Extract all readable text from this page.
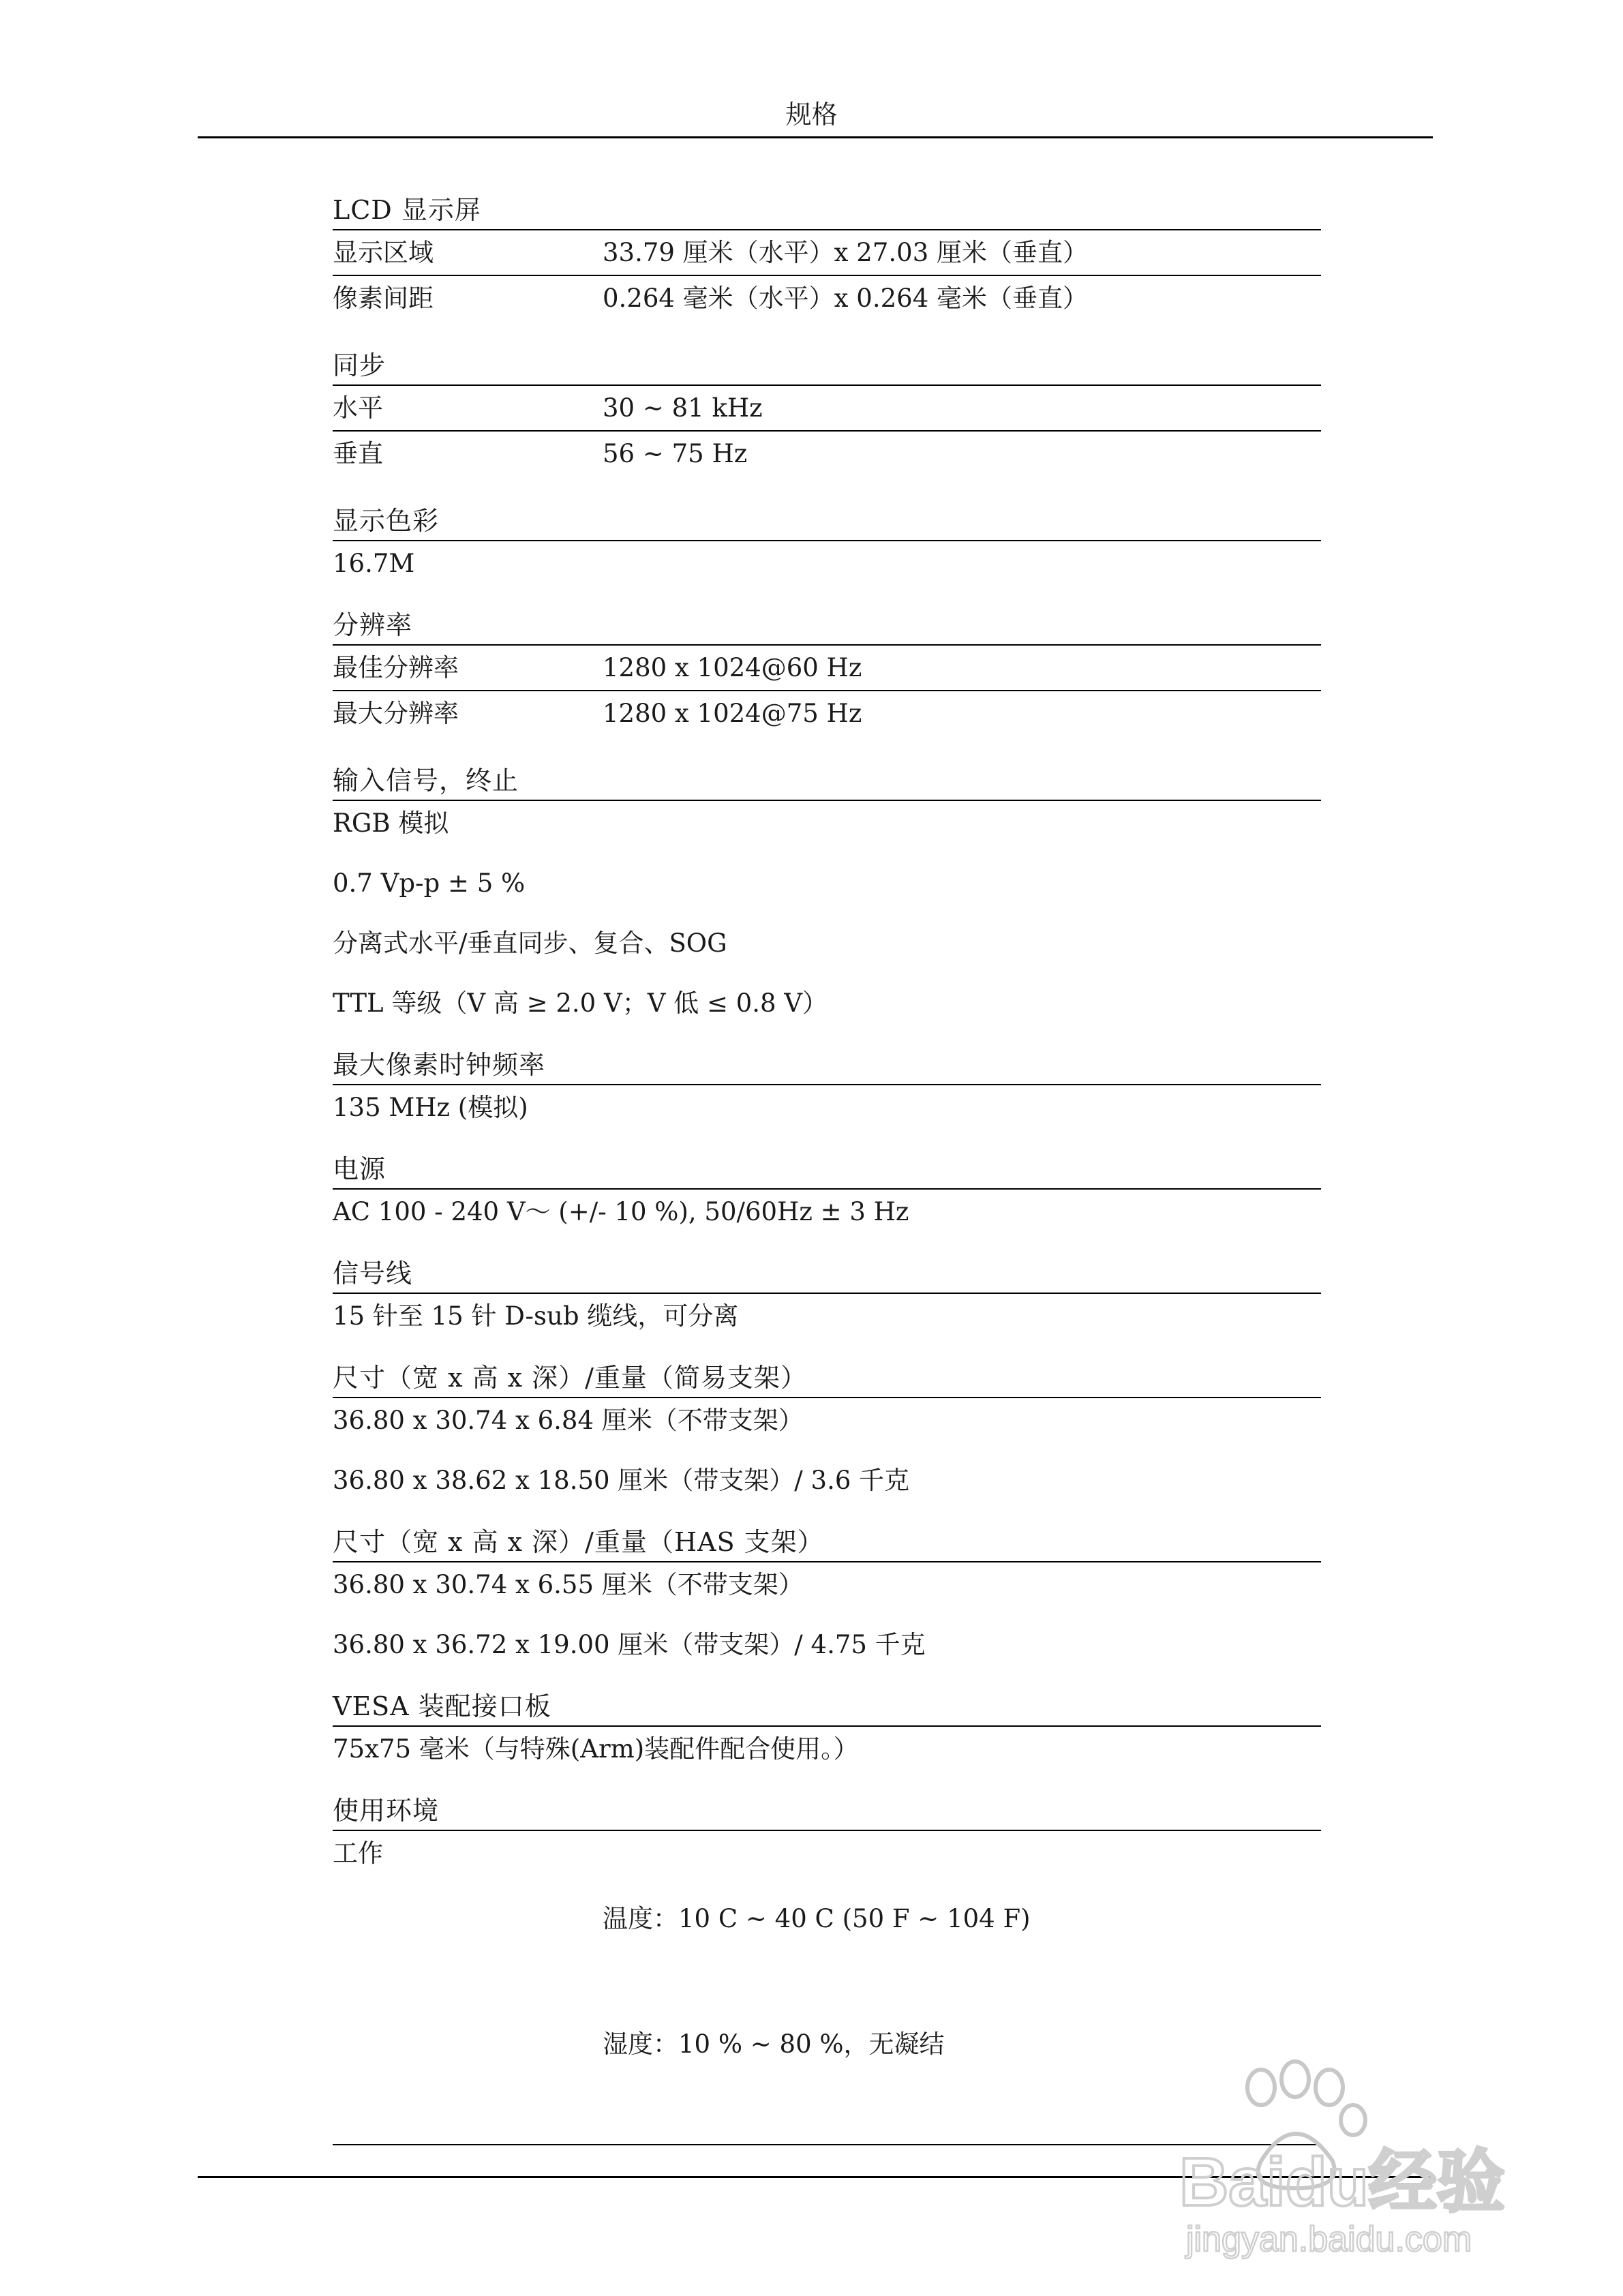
规格
LCD 显示屏
显示区域	33.79 厘米（水平）x 27.03 厘米（垂直）
像素间距	0.264 毫米（水平）x 0.264 毫米（垂直）
同步
水平	30 ~ 81 kHz
垂直	56 ~ 75 Hz
显示色彩
16.7M
分辨率
最佳分辨率	1280 x 1024@60 Hz
最大分辨率	1280 x 1024@75 Hz
输入信号，终止
RGB 模拟
0.7 Vp-p ± 5 %
分离式水平/垂直同步、复合、SOG
TTL 等级（V 高 ≥ 2.0 V；V 低 ≤ 0.8 V）
最大像素时钟频率
135 MHz (模拟)
电源
AC 100 - 240 V～ (+/- 10 %), 50/60Hz ± 3 Hz
信号线
15 针至 15 针 D-sub 缆线，可分离
尺寸（宽 x 高 x 深）/重量（简易支架）
36.80 x 30.74 x 6.84 厘米（不带支架）
36.80 x 38.62 x 18.50 厘米（带支架）/ 3.6 千克
尺寸（宽 x 高 x 深）/重量（HAS 支架）
36.80 x 30.74 x 6.55 厘米（不带支架）
36.80 x 36.72 x 19.00 厘米（带支架）/ 4.75 千克
VESA 装配接口板
75x75 毫米（与特殊(Arm)装配件配合使用。）
使用环境
工作

温度：10 C ~ 40 C (50 F ~ 104 F)

湿度：10 % ~ 80 %，无凝结

Baidu经验
jingyan.baidu.com
